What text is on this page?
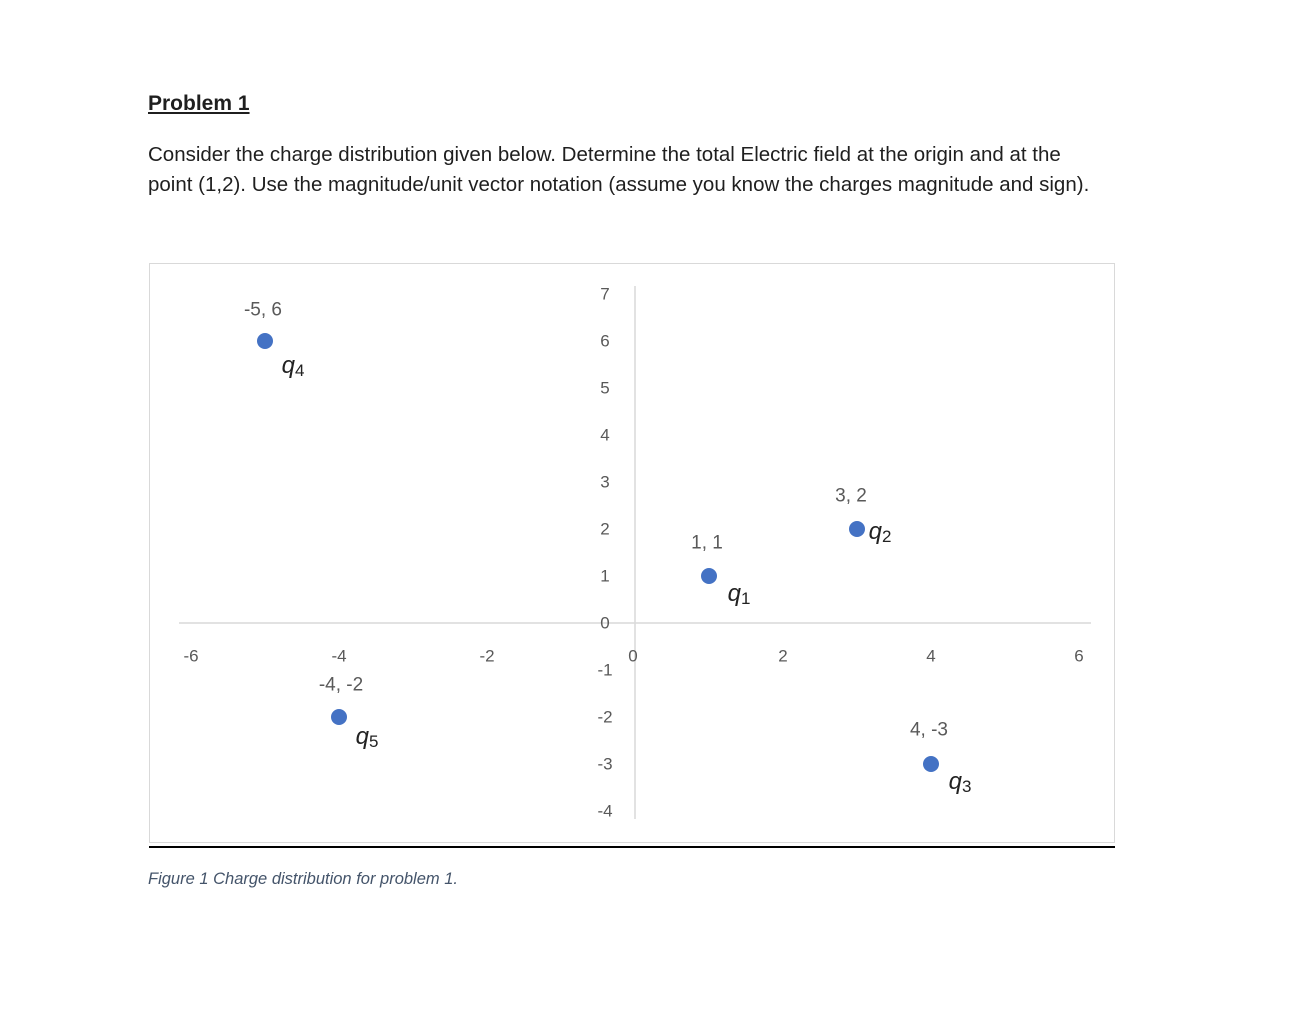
Problem 1

Consider the charge distribution given below. Determine the total Electric field at the origin and at the
point (1,2). Use the magnitude/unit vector notation (assume you know the charges magnitude and sign).

-6	-4	-2	0	2	4	6
-4
-3
-2
-1
0
1
2
3
4
5
6
7
1, 1
$q_1$
3, 2
$q_2$
4, -3
$q_3$
-5, 6
$q_4$
-4, -2
$q_5$

Figure 1 Charge distribution for problem 1.
